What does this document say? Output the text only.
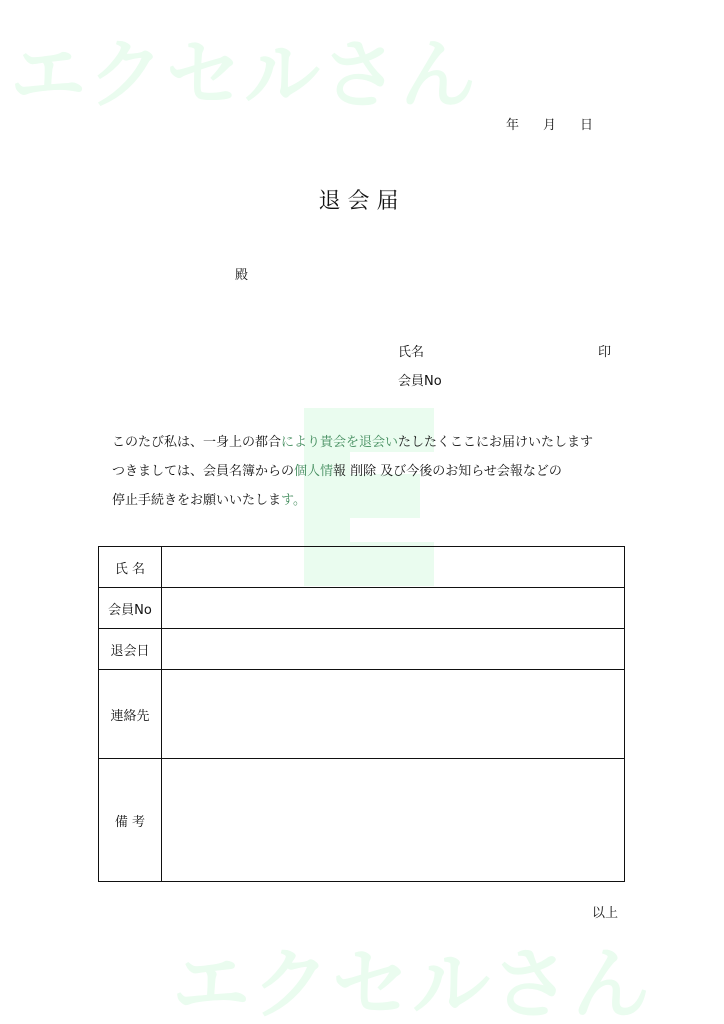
エクセルさん
エクセルさん
年 月 日
退会届
殿
氏名	印
会員No

このたび私は、一身上の都合により貴会を退会いたしたくここにお届けいたします

つきましては、会員名簿からの個人情報 削除 及び今後のお知らせ会報などの

停止手続きをお願いいたします。

氏 名	
会員No	
退会日	
連絡先	
備 考	
以上
